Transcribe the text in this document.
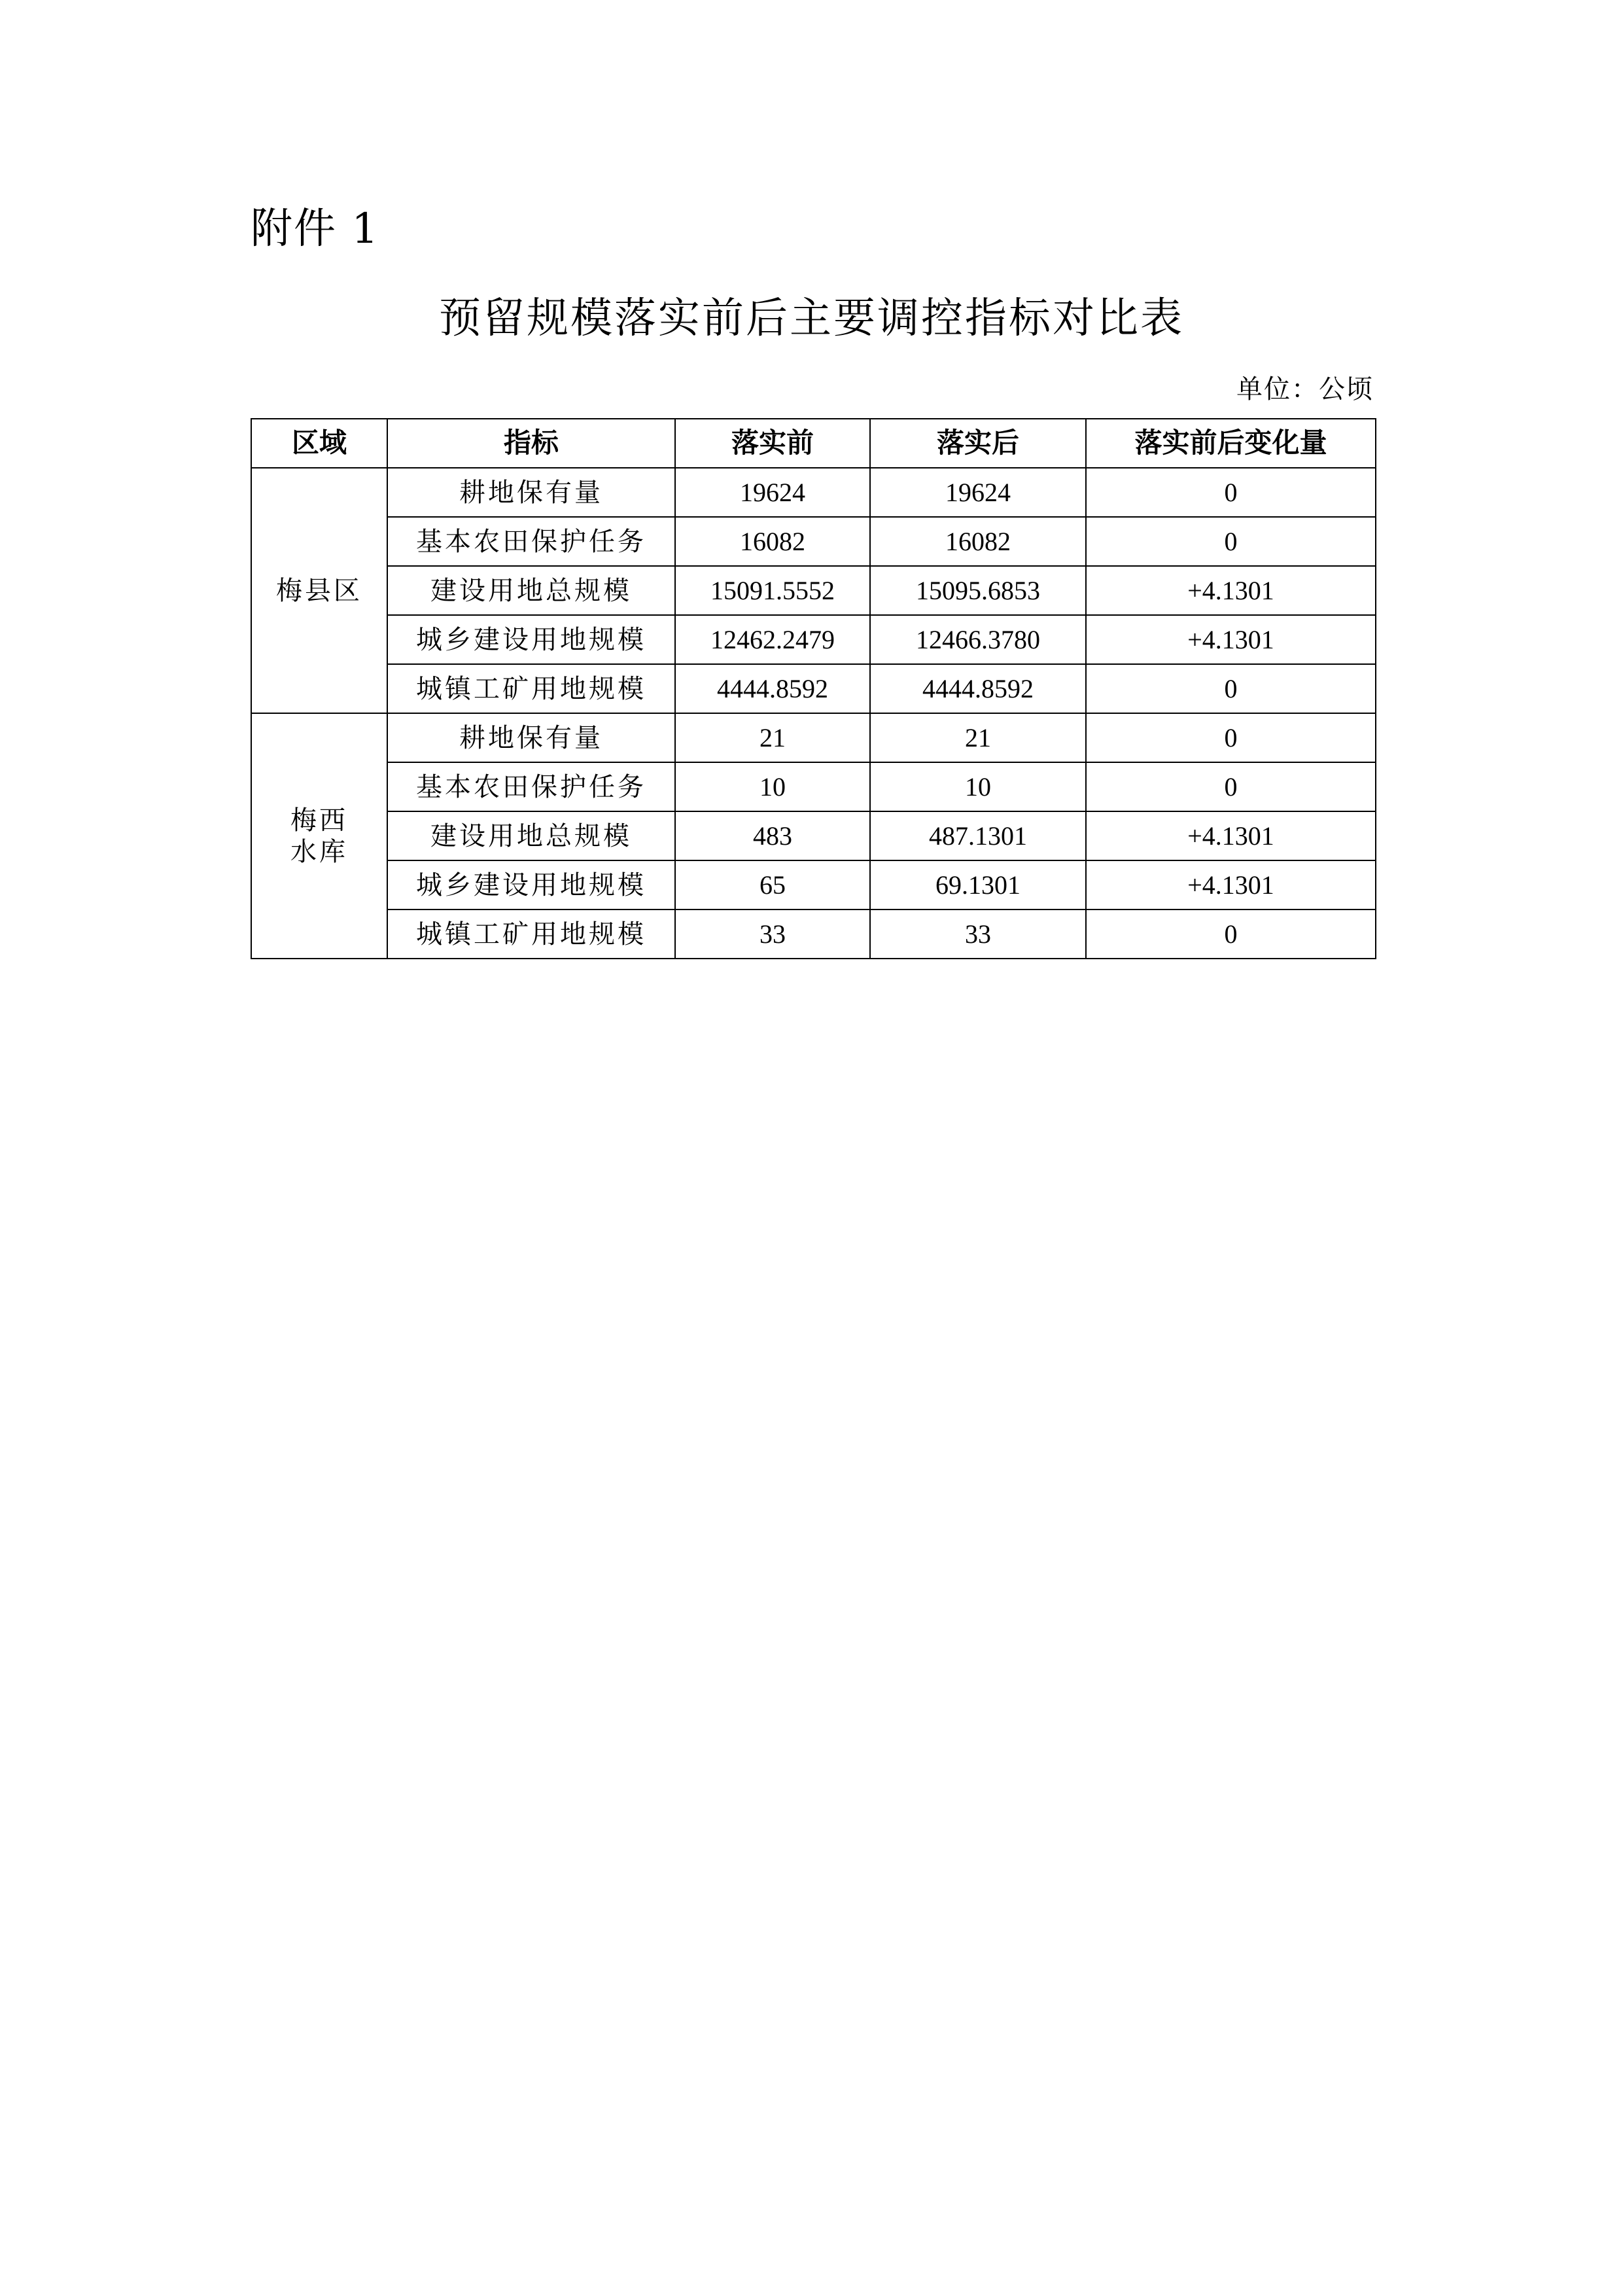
附件 1
预留规模落实前后主要调控指标对比表
单位：公顷
区域	指标	落实前	落实后	落实前后变化量

梅县区	耕地保有量	19624	19624	0
	基本农田保护任务	16082	16082	0
	建设用地总规模	15091.5552	15095.6853	+4.1301
	城乡建设用地规模	12462.2479	12466.3780	+4.1301
	城镇工矿用地规模	4444.8592	4444.8592	0

梅西
水库	耕地保有量	21	21	0
	基本农田保护任务	10	10	0
	建设用地总规模	483	487.1301	+4.1301
	城乡建设用地规模	65	69.1301	+4.1301
	城镇工矿用地规模	33	33	0
